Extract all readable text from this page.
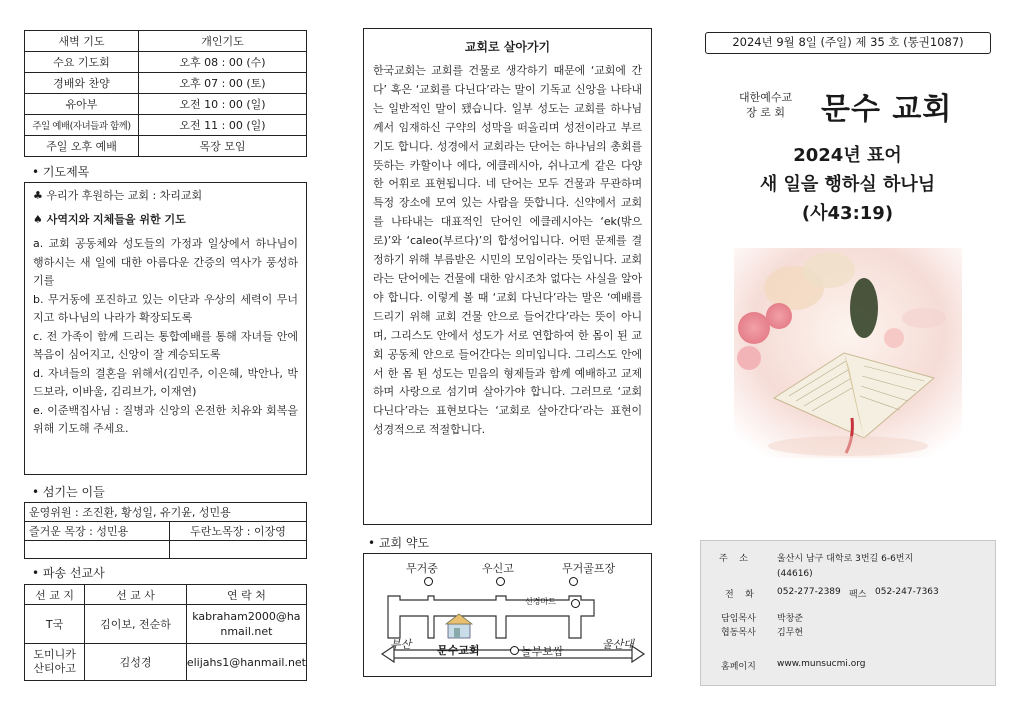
새벽 기도	개인기도
수요 기도회	오후 08 : 00 (수)
경배와 찬양	오후 07 : 00 (토)
유아부	오전 10 : 00 (일)
주일 예배(자녀들과 함께)	오전 11 : 00 (일)
주일 오후 예배	목장 모임
• 기도제목

♣ 우리가 후원하는 교회 : 차리교회

♠ 사역지와 지체들을 위한 기도

a. 교회 공동체와 성도들의 가정과 일상에서 하나님이 행하시는 새 일에 대한 아름다운 간증의 역사가 풍성하기를

b. 무거동에 포진하고 있는 이단과 우상의 세력이 무너지고 하나님의 나라가 확장되도록

c. 전 가족이 함께 드리는 통합예배를 통해 자녀들 안에 복음이 심어지고, 신앙이 잘 계승되도록

d. 자녀들의 결혼을 위해서(김민주, 이은혜, 박안나, 박드보라, 이바울, 김리브가, 이재연)

e. 이준백집사님 : 질병과 신앙의 온전한 치유와 회복을 위해 기도해 주세요.

• 섬기는 이들
운영위원 : 조진환, 황성일, 유기윤, 성민용	
즐거운 목장 : 성민용	두란노목장 : 이장영

• 파송 선교사
선 교 지	선 교 사	연 락 처
T국	김이보, 전순하	kabraham2000@hanmail.net
도미니카
산티아고	김성경	elijahs1@hanmail.net
교회로 살아가기
한국교회는 교회를 건물로 생각하기 때문에 ‘교회에 간다’ 혹은 ‘교회를 다닌다’라는 말이 기독교 신앙을 나타내는 일반적인 말이 됐습니다. 일부 성도는 교회를 하나님께서 임재하신 구약의 성막을 떠올리며 성전이라고 부르기도 합니다. 성경에서 교회라는 단어는 하나님의 총회를 뜻하는 카할이나 에다, 에클레시아, 쉬나고게 같은 다양한 어휘로 표현됩니다. 네 단어는 모두 건물과 무관하며 특정 장소에 모여 있는 사람을 뜻합니다. 신약에서 교회를 나타내는 대표적인 단어인 에클레시아는 ‘ek(밖으로)’와 ‘caleo(부르다)’의 합성어입니다. 어떤 문제를 결정하기 위해 부름받은 시민의 모임이라는 뜻입니다. 교회라는 단어에는 건물에 대한 암시조차 없다는 사실을 알아야 합니다. 이렇게 볼 때 ‘교회 다닌다’라는 말은 ‘예배를 드리기 위해 교회 건물 안으로 들어간다’라는 뜻이 아니며, 그리스도 안에서 성도가 서로 연합하여 한 몸이 된 교회 공동체 안으로 들어간다는 의미입니다. 그리스도 안에서 한 몸 된 성도는 믿음의 형제들과 함께 예배하고 교제하며 사랑으로 섬기며 살아가야 합니다. 그러므로 ‘교회 다닌다’라는 표현보다는 ‘교회로 살아간다’라는 표현이 성경적으로 적절합니다.
• 교회 약도
무거중	우신고	무거골프장
선경마트
문수교회	놀부보쌈
부산	울산대
2024년 9월 8일 (주일) 제 35 호 (통권1087)
대한예수교
장 로 회 문수 교회
2024년 표어
새 일을 행하실 하나님
(사43:19)
주    소	울산시 남구 대학로 3번길 6-6번지
(44616)
전    화	052-277-2389 팩스 052-247-7363
담임목사 박창준
협동목사 김무현
홈페이지 www.munsucmi.org
